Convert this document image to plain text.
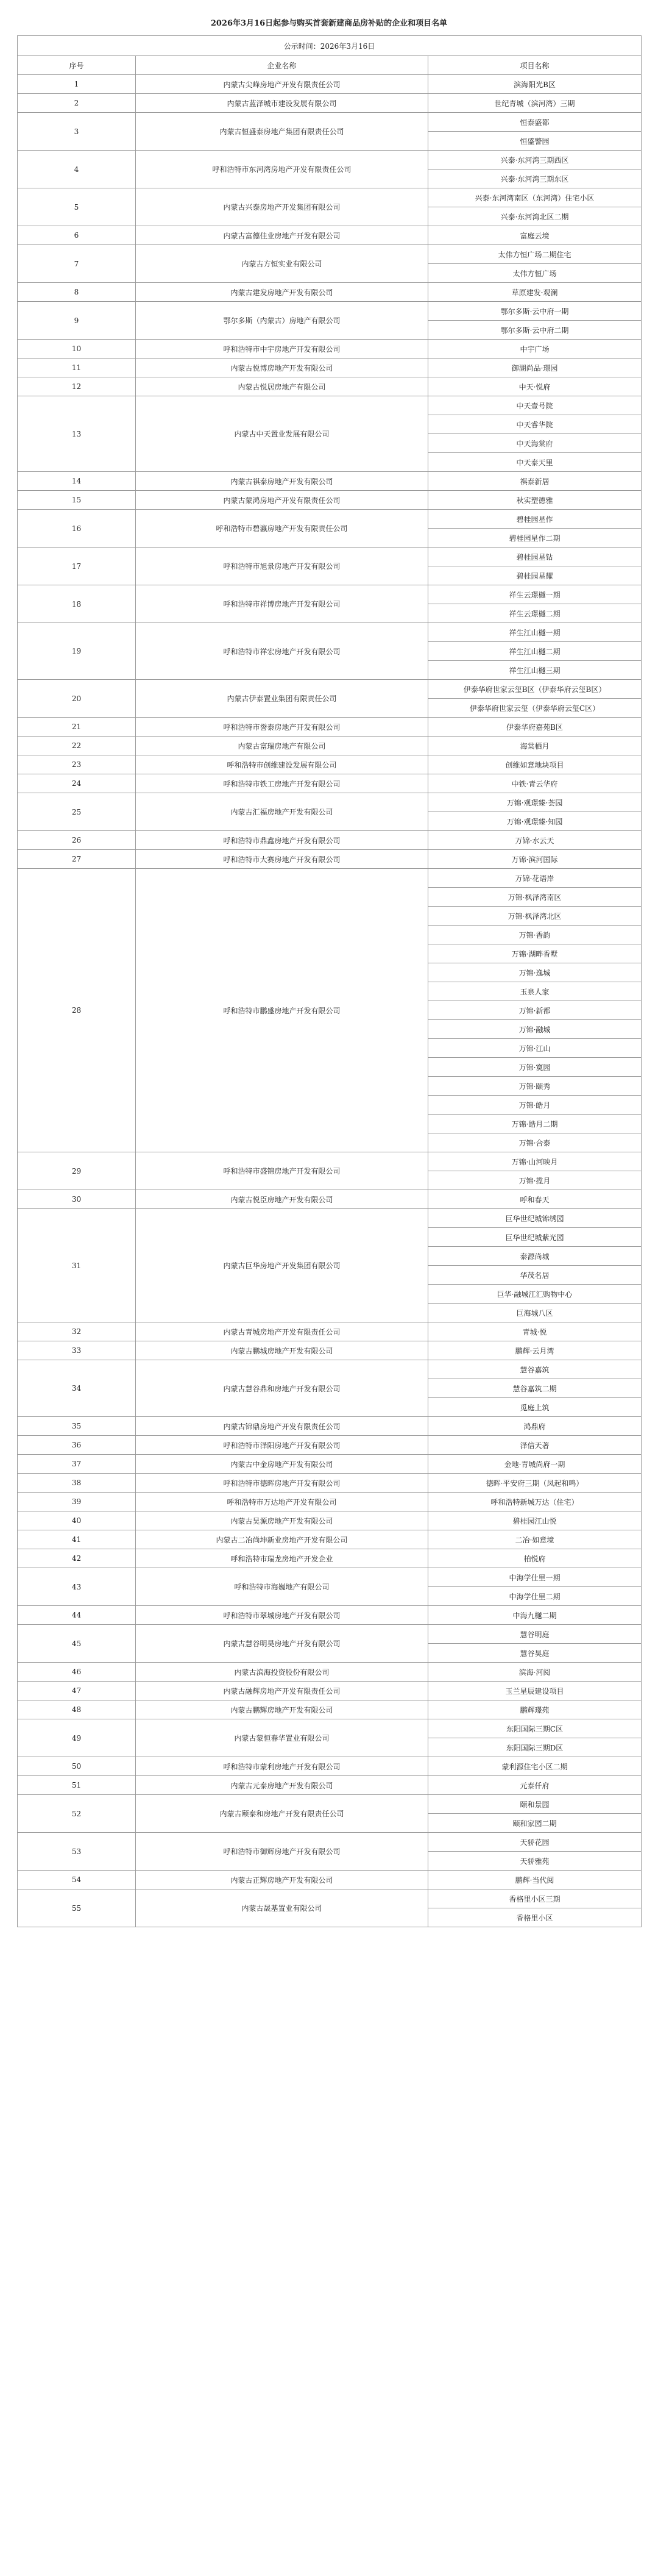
2026年3月16日起参与购买首套新建商品房补贴的企业和项目名单
公示时间：2026年3月16日		
序号	企业名称	项目名称
1	内蒙古尖峰房地产开发有限责任公司	滨海阳光B区
2	内蒙古蓝泽城市建设发展有限公司	世纪青城（滨河湾）三期
3	内蒙古恒盛泰房地产集团有限责任公司	恒泰盛都
		恒盛警园
4	呼和浩特市东河湾房地产开发有限责任公司	兴泰·东河湾三期西区
		兴泰·东河湾三期东区
5	内蒙古兴泰房地产开发集团有限公司	兴泰·东河湾南区（东河湾）住宅小区
		兴泰·东河湾北区二期
6	内蒙古富德佳业房地产开发有限公司	富庭云境
7	内蒙古方恒实业有限公司	太伟方恒广场二期住宅
		太伟方恒广场
8	内蒙古建发房地产开发有限公司	草原建发·观澜
9	鄂尔多斯（内蒙古）房地产有限公司	鄂尔多斯·云中府一期
		鄂尔多斯·云中府二期
10	呼和浩特市中宇房地产开发有限公司	中宇广场
11	内蒙古悦博房地产开发有限公司	御湖尚品·璟园
12	内蒙古悦居房地产有限公司	中天·悦府
13	内蒙古中天置业发展有限公司	中天壹号院
		中天睿华院
		中天海棠府
		中天泰天里
14	内蒙古祺泰房地产开发有限公司	祺泰新居
15	内蒙古蒙鸿房地产开发有限责任公司	秋实塑德雅
16	呼和浩特市碧瀛房地产开发有限责任公司	碧桂园星作
		碧桂园星作二期
17	呼和浩特市旭景房地产开发有限公司	碧桂园星钻
		碧桂园星耀
18	呼和浩特市祥博房地产开发有限公司	祥生云璟樾一期
		祥生云璟樾二期
19	呼和浩特市祥宏房地产开发有限公司	祥生江山樾一期
		祥生江山樾二期
		祥生江山樾三期
20	内蒙古伊泰置业集团有限责任公司	伊泰华府世家云玺B区（伊泰华府云玺B区）
		伊泰华府世家云玺（伊泰华府云玺C区）
21	呼和浩特市誉泰房地产开发有限公司	伊泰华府嘉苑B区
22	内蒙古富瑞房地产有限公司	海棠栖月
23	呼和浩特市创维建设发展有限公司	创维如意地块项目
24	呼和浩特市铁工房地产开发有限公司	中铁·青云华府
25	内蒙古汇福房地产开发有限公司	万锦·观璟臻·荟园
		万锦·观璟臻·知园
26	呼和浩特市鼎鑫房地产开发有限公司	万锦·水云天
27	呼和浩特市大赛房地产开发有限公司	万锦·滨河国际
28	呼和浩特市鹏盛房地产开发有限公司	万锦·花语岸
		万锦·枫泽湾南区
		万锦·枫泽湾北区
		万锦·香韵
		万锦·湖畔香墅
		万锦·逸城
		玉泉人家
		万锦·新都
		万锦·融城
		万锦·江山
		万锦·寞园
		万锦·颐秀
		万锦·皓月
		万锦·皓月二期
		万锦·合泰
29	呼和浩特市盛锦房地产开发有限公司	万锦·山河映月
		万锦·揽月
30	内蒙古悦臣房地产开发有限公司	呼和春天
31	内蒙古巨华房地产开发集团有限公司	巨华世纪城锦绣园
		巨华世纪城紫光园
		泰源尚城
		华茂名居
		巨华·融城江汇购物中心
		巨海城八区
32	内蒙古青城房地产开发有限责任公司	青城·悦
33	内蒙古鹏城房地产开发有限公司	鹏辉·云月湾
34	内蒙古慧谷鼎和房地产开发有限公司	慧谷嘉筑
		慧谷嘉筑二期
		觅庭上筑
35	内蒙古锦鼎房地产开发有限责任公司	鸿鼎府
36	呼和浩特市泽阳房地产开发有限公司	泽信天著
37	内蒙古中金房地产开发有限公司	金地·青城尚府一期
38	呼和浩特市德晖房地产开发有限公司	德晖·平安府三期（凤起和鸣）
39	呼和浩特市万达地产开发有限公司	呼和浩特新城万达（住宅）
40	内蒙古昊源房地产开发有限公司	碧桂园江山悦
41	内蒙古二冶尚坤新业房地产开发有限公司	二冶·如意境
42	呼和浩特市瑞龙房地产开发企业	柏悦府
43	呼和浩特市海巍地产有限公司	中海学仕里一期
		中海学仕里二期
44	呼和浩特市翠城房地产开发有限公司	中海九樾二期
45	内蒙古慧谷明昊房地产开发有限公司	慧谷明庭
		慧谷昊庭
46	内蒙古滨海投资股份有限公司	滨海·河阅
47	内蒙古融辉房地产开发有限责任公司	玉兰星辰建设项目
48	内蒙古鹏辉房地产开发有限公司	鹏辉璟苑
49	内蒙古蒙恒春华置业有限公司	东阳国际三期C区
		东阳国际三期D区
50	呼和浩特市蒙利房地产开发有限公司	蒙利源住宅小区二期
51	内蒙古元泰房地产开发有限公司	元泰仟府
52	内蒙古颐泰和房地产开发有限责任公司	颐和景园
		颐和家园二期
53	呼和浩特市御辉房地产开发有限公司	天骄花园
		天骄雅苑
54	内蒙古正辉房地产开发有限公司	鹏辉·当代阅
55	内蒙古晟基置业有限公司	香格里小区三期
		香格里小区
